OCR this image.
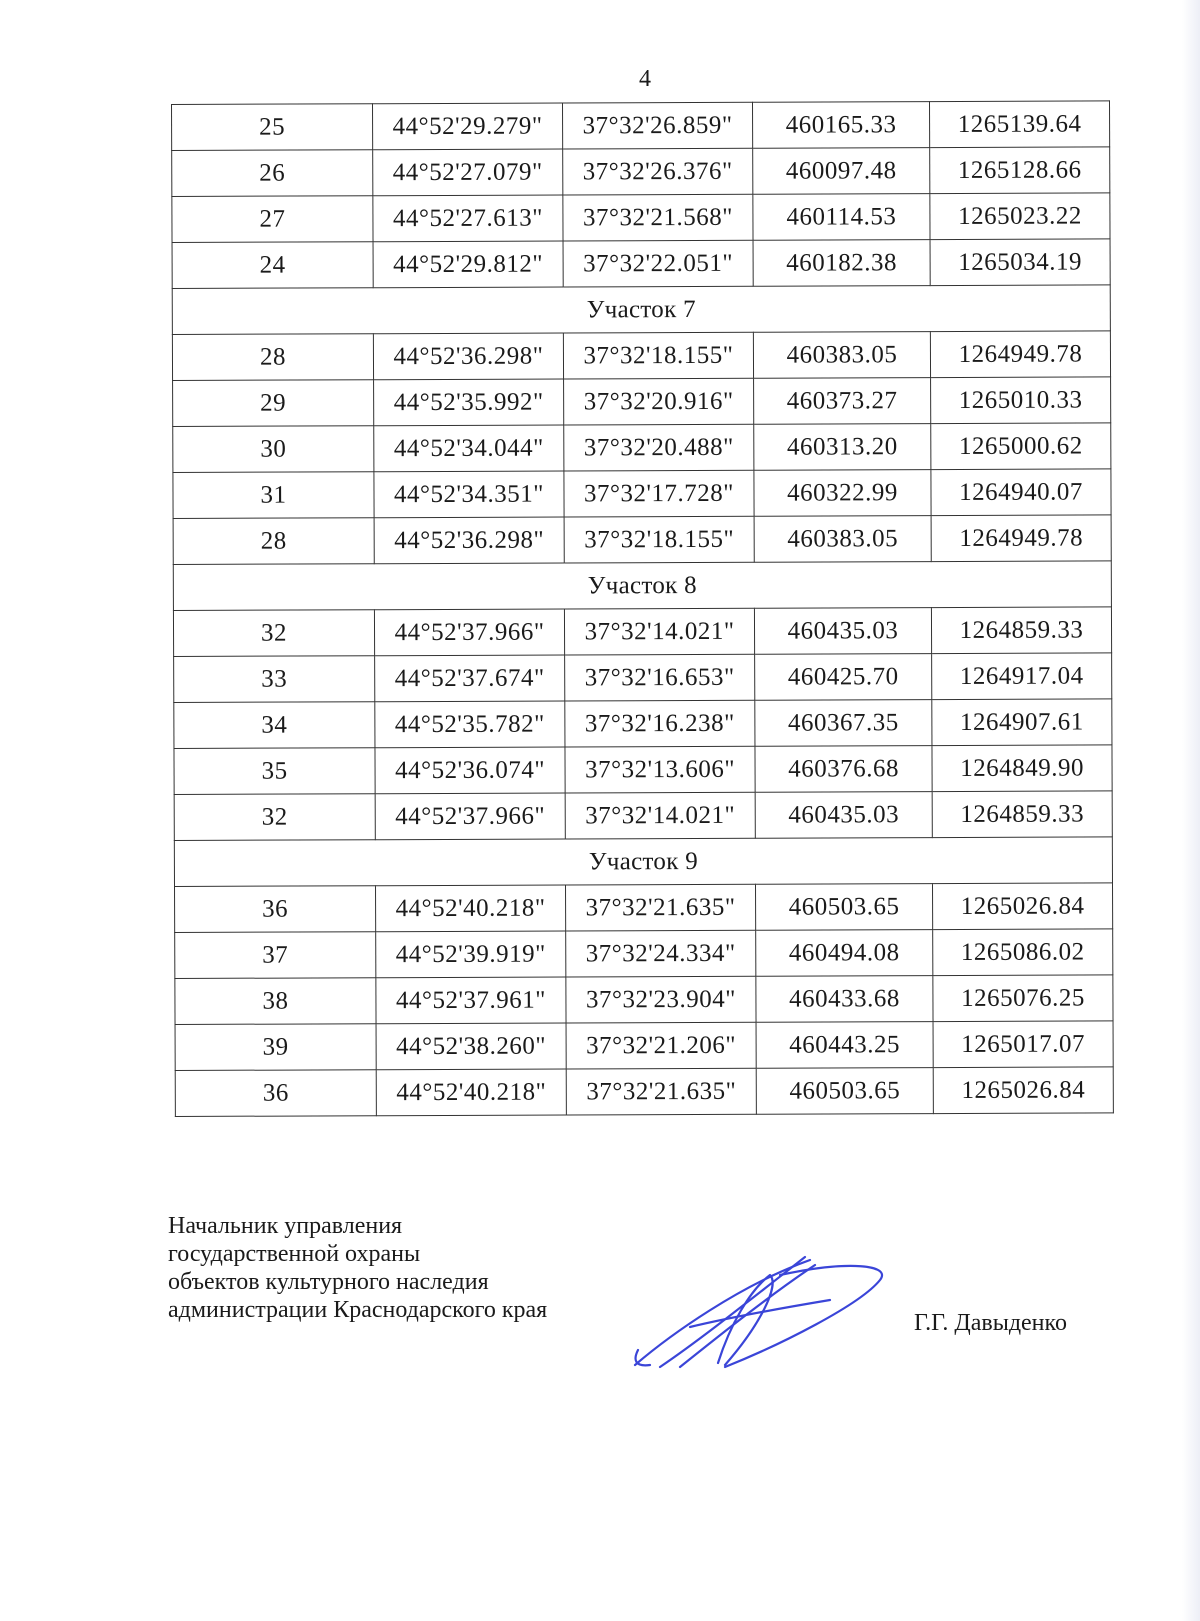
4
25	44°52'29.279"	37°32'26.859"	460165.33	1265139.64
26	44°52'27.079"	37°32'26.376"	460097.48	1265128.66
27	44°52'27.613"	37°32'21.568"	460114.53	1265023.22
24	44°52'29.812"	37°32'22.051"	460182.38	1265034.19
Участок 7				
28	44°52'36.298"	37°32'18.155"	460383.05	1264949.78
29	44°52'35.992"	37°32'20.916"	460373.27	1265010.33
30	44°52'34.044"	37°32'20.488"	460313.20	1265000.62
31	44°52'34.351"	37°32'17.728"	460322.99	1264940.07
28	44°52'36.298"	37°32'18.155"	460383.05	1264949.78
Участок 8				
32	44°52'37.966"	37°32'14.021"	460435.03	1264859.33
33	44°52'37.674"	37°32'16.653"	460425.70	1264917.04
34	44°52'35.782"	37°32'16.238"	460367.35	1264907.61
35	44°52'36.074"	37°32'13.606"	460376.68	1264849.90
32	44°52'37.966"	37°32'14.021"	460435.03	1264859.33
Участок 9				
36	44°52'40.218"	37°32'21.635"	460503.65	1265026.84
37	44°52'39.919"	37°32'24.334"	460494.08	1265086.02
38	44°52'37.961"	37°32'23.904"	460433.68	1265076.25
39	44°52'38.260"	37°32'21.206"	460443.25	1265017.07
36	44°52'40.218"	37°32'21.635"	460503.65	1265026.84
Начальник управления
государственной охраны
объектов культурного наследия
администрации Краснодарского края	Г.Г. Давыденко
